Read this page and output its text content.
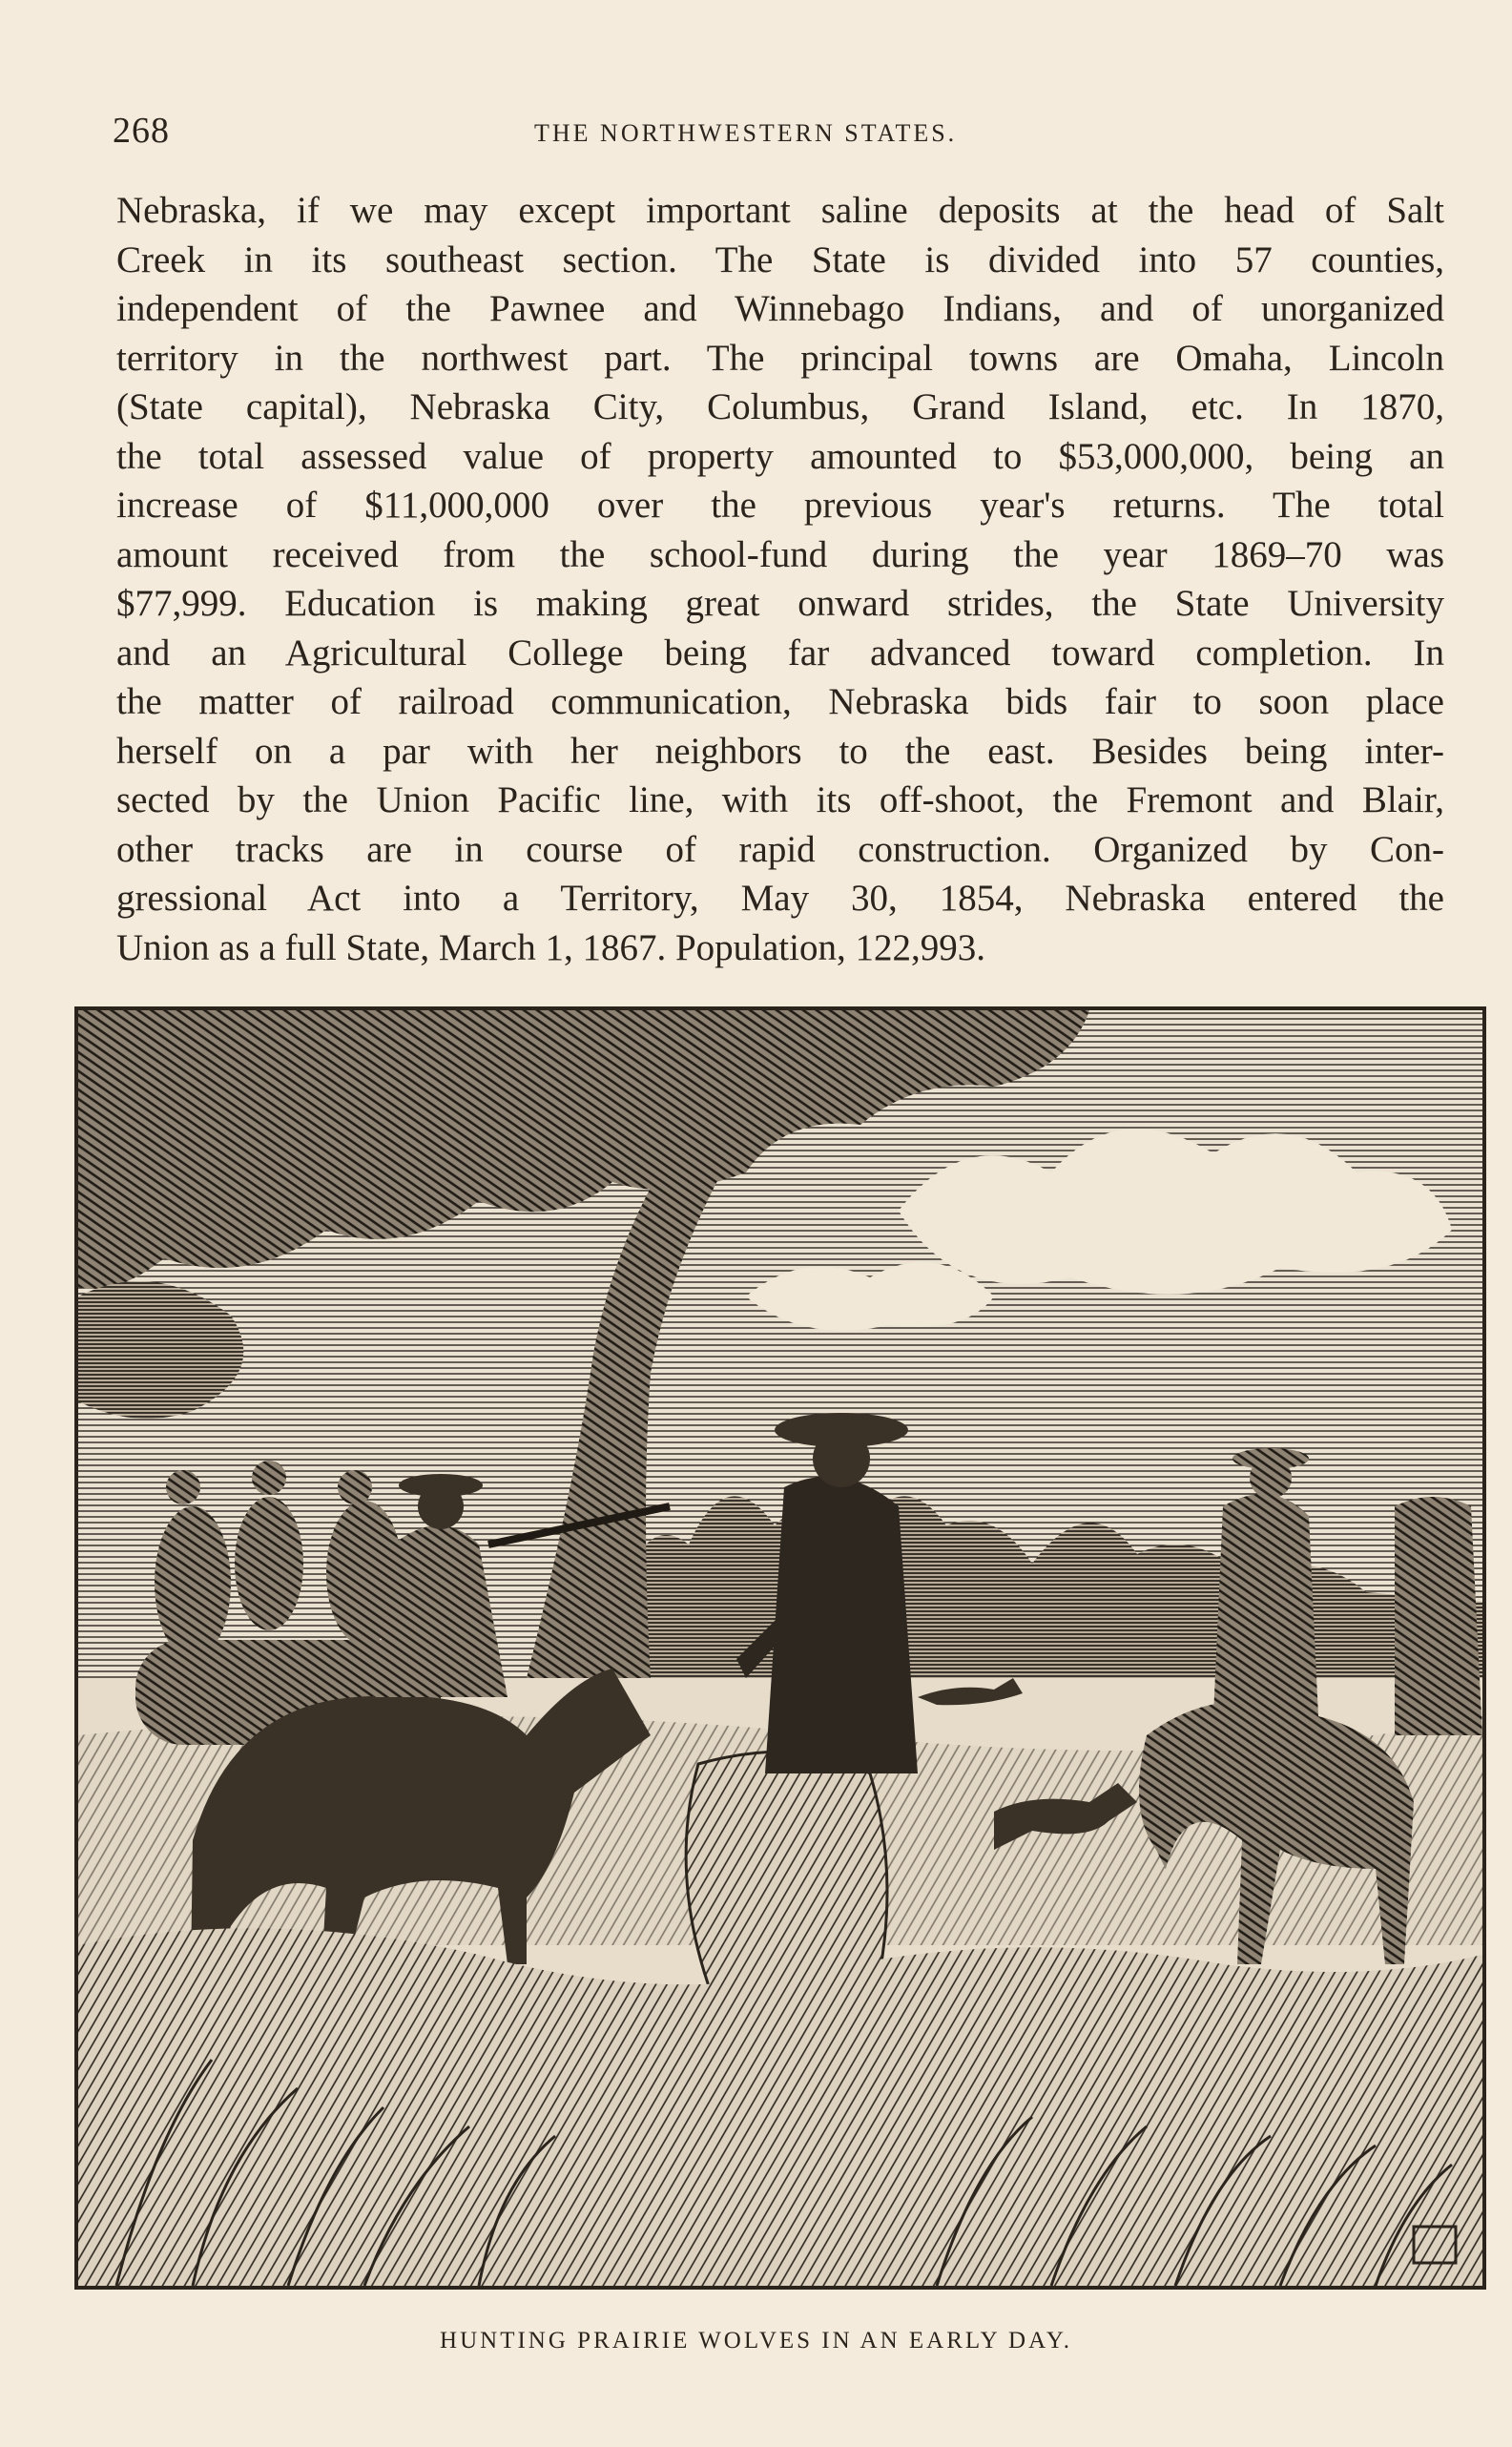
268	THE NORTHWESTERN STATES.
Nebraska, if we may except important saline deposits at the head of Salt
Creek in its southeast section. The State is divided into 57 counties,
independent of the Pawnee and Winnebago Indians, and of unorganized
territory in the northwest part. The principal towns are Omaha, Lincoln
(State capital), Nebraska City, Columbus, Grand Island, etc. In 1870,
the total assessed value of property amounted to $53,000,000, being an
increase of $11,000,000 over the previous year's returns. The total
amount received from the school-fund during the year 1869–70 was
$77,999. Education is making great onward strides, the State University
and an Agricultural College being far advanced toward completion. In
the matter of railroad communication, Nebraska bids fair to soon place
herself on a par with her neighbors to the east. Besides being inter-
sected by the Union Pacific line, with its off-shoot, the Fremont and Blair,
other tracks are in course of rapid construction. Organized by Con-
gressional Act into a Territory, May 30, 1854, Nebraska entered the
Union as a full State, March 1, 1867. Population, 122,993.
HUNTING PRAIRIE WOLVES IN AN EARLY DAY.
